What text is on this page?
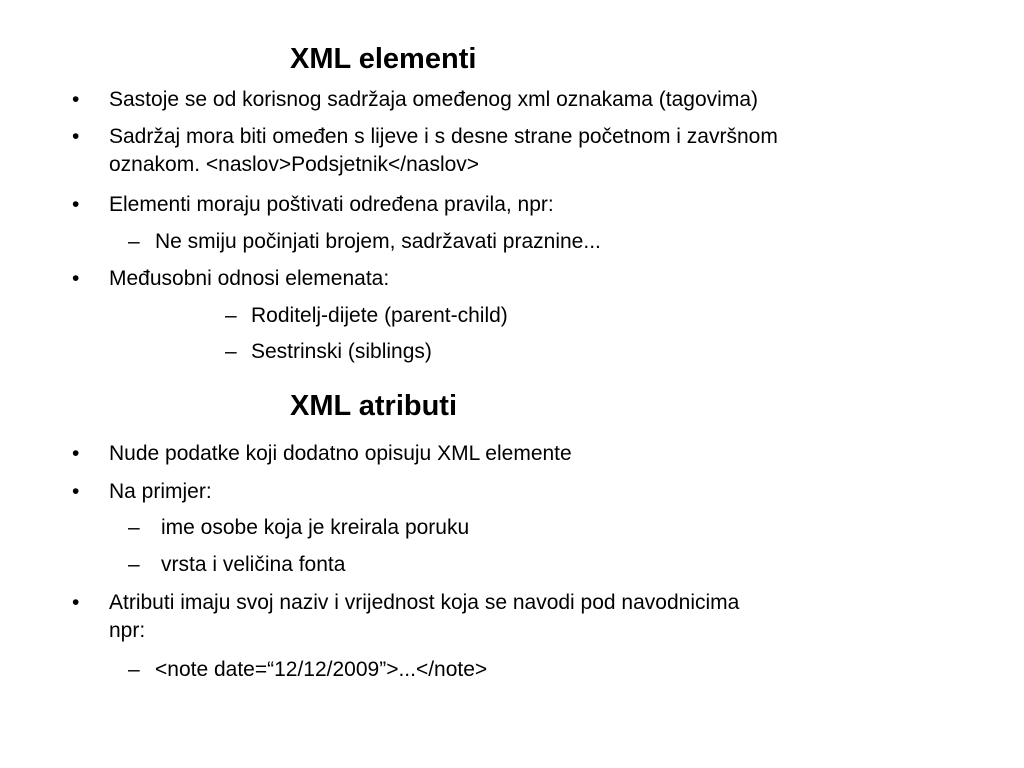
XML elementi
• Sastoje se od korisnog sadržaja omeđenog xml oznakama (tagovima)
• Sadržaj mora biti omeđen s lijeve i s desne strane početnom i završnom
oznakom. <naslov>Podsjetnik</naslov>
• Elementi moraju poštivati određena pravila, npr:
– Ne smiju počinjati brojem, sadržavati praznine...
• Međusobni odnosi elemenata:
– Roditelj-dijete (parent-child)
– Sestrinski (siblings)
XML atributi
• Nude podatke koji dodatno opisuju XML elemente
• Na primjer:
– ime osobe koja je kreirala poruku
– vrsta i veličina fonta
• Atributi imaju svoj naziv i vrijednost koja se navodi pod navodnicima
npr:
– <note date=“12/12/2009”>...</note>
